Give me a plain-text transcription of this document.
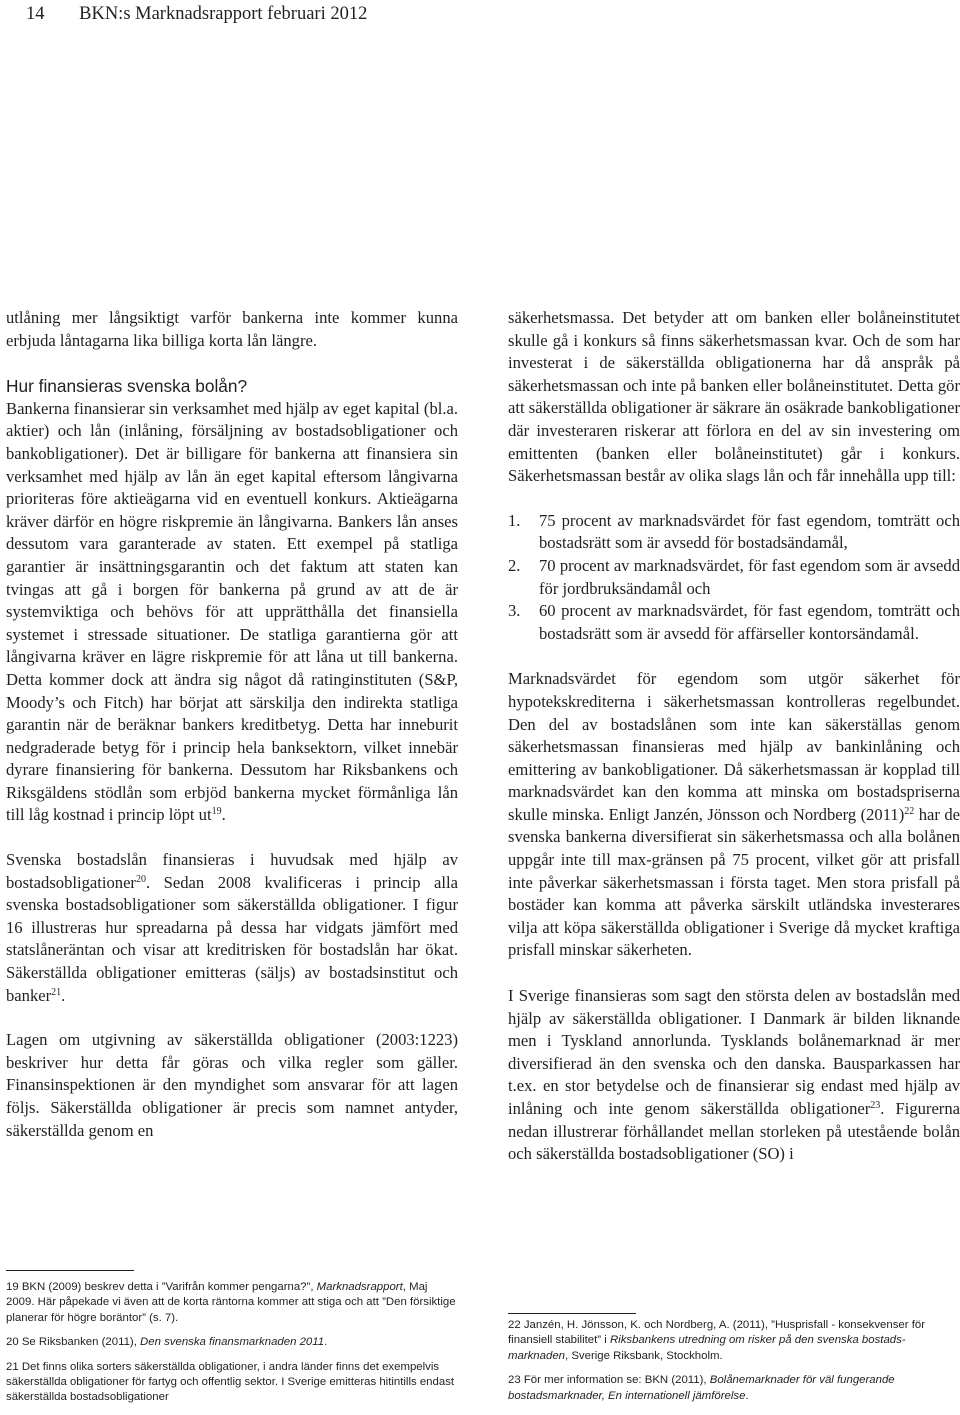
14 BKN:s Marknadsrapport februari 2012

utlåning mer långsiktigt varför bankerna inte kommer kunna erbjuda låntagarna lika billiga korta lån längre.

Hur finansieras svenska bolån?

Bankerna finansierar sin verksamhet med hjälp av eget kapital (bl.a. aktier) och lån (inlåning, försäljning av bostadsobligationer och bankobligationer). Det är billigare för bankerna att finansiera sin verksamhet med hjälp av lån än eget kapital eftersom långivarna prioriteras före aktieägarna vid en eventuell konkurs. Aktieägarna kräver därför en högre riskpremie än långivarna. Bankers lån anses dessutom vara garanterade av staten. Ett exempel på statliga garantier är insättningsgarantin och det faktum att staten kan tvingas att gå i borgen för bankerna på grund av att de är systemviktiga och behövs för att upprätthålla det finansiella systemet i stressade situationer. De statliga garantierna gör att långivarna kräver en lägre riskpremie för att låna ut till bankerna. Detta kommer dock att ändra sig något då ratinginstituten (S&P, Moody’s och Fitch) har börjat att särskilja den indirekta statliga garantin när de beräknar bankers kreditbetyg. Detta har inneburit nedgraderade betyg för i princip hela banksektorn, vilket innebär dyrare finansiering för bankerna. Dessutom har Riksbankens och Riksgäldens stödlån som erbjöd bankerna mycket förmånliga lån till låg kostnad i princip löpt $ut^{19}$.

Svenska bostadslån finansieras i huvudsak med hjälp av bostadsobligationer$^{20}$. Sedan 2008 kvalificeras i princip alla svenska bostadsobligationer som säkerställda obligationer. I figur 16 illustreras hur spreadarna på dessa har vidgats jämfört med statslåneräntan och visar att kreditrisken för bostadslån har ökat. Säkerställda obligationer emitteras (säljs) av bostadsinstitut och banker$^{21}$.

Lagen om utgivning av säkerställda obligationer (2003:1223) beskriver hur detta får göras och vilka regler som gäller. Finansinspektionen är den myndighet som ansvarar för att lagen följs. Säkerställda obligationer är precis som namnet antyder, säkerställda genom en

19 BKN (2009) beskrev detta i ”Varifrån kommer pengarna?”, Marknadsrapport, Maj 2009. Här påpekade vi även att de korta räntorna kommer att stiga och att ”Den försiktige planerar för högre boräntor” (s. 7).

20 Se Riksbanken (2011), Den svenska finansmarknaden 2011.

21 Det finns olika sorters säkerställda obligationer, i andra länder finns det exempelvis säkerställda obligationer för fartyg och offentlig sektor. I Sverige emitteras hitintills endast säkerställda bostadsobligationer

säkerhetsmassa. Det betyder att om banken eller bolåneinstitutet skulle gå i konkurs så finns säkerhetsmassan kvar. Och de som har investerat i de säkerställda obligationerna har då anspråk på säkerhetsmassan och inte på banken eller bolåneinstitutet. Detta gör att säkerställda obligationer är säkrare än osäkrade bankobligationer där investeraren riskerar att förlora en del av sin investering om emittenten (banken eller bolåneinstitutet) går i konkurs. Säkerhetsmassan består av olika slags lån och får innehålla upp till:

1.	75 procent av marknadsvärdet för fast egendom, tomträtt och bostadsrätt som är avsedd för bostadsändamål,
2.	70 procent av marknadsvärdet, för fast egendom som är avsedd för jordbruksändamål och
3.	60 procent av marknadsvärdet, för fast egendom, tomträtt och bostadsrätt som är avsedd för affärseller kontorsändamål.

Marknadsvärdet för egendom som utgör säkerhet för hypotekskrediterna i säkerhetsmassan kontrolleras regelbundet. Den del av bostadslånen som inte kan säkerställas genom säkerhetsmassan finansieras med hjälp av bankinlåning och emittering av bankobligationer. Då säkerhetsmassan är kopplad till marknadsvärdet kan den komma att minska om bostadspriserna skulle minska. Enligt Janzén, Jönsson och Nordberg $(2011)^{22}$ har de svenska bankerna diversifierat sin säkerhetsmassa och alla bolånen uppgår inte till max-gränsen på 75 procent, vilket gör att prisfall inte påverkar säkerhetsmassan i första taget. Men stora prisfall på bostäder kan komma att påverka särskilt utländska investerares vilja att köpa säkerställda obligationer i Sverige då mycket kraftiga prisfall minskar säkerheten.

I Sverige finansieras som sagt den största delen av bostadslån med hjälp av säkerställda obligationer. I Danmark är bilden liknande men i Tyskland annorlunda. Tysklands bolånemarknad är mer diversifierad än den svenska och den danska. Bausparkassen har t.ex. en stor betydelse och de finansierar sig endast med hjälp av inlåning och inte genom säkerställda obligationer$^{23}$. Figurerna nedan illustrerar förhållandet mellan storleken på utestående bolån och säkerställda bostadsobligationer (SO) i

22 Janzén, H. Jönsson, K. och Nordberg, A. (2011), ”Husprisfall - konsekvenser för finansiell stabilitet” i Riksbankens utredning om risker på den svenska bostadsmarknaden, Sverige Riksbank, Stockholm.

23 För mer information se: BKN (2011), Bolånemarknader för väl fungerande bostadsmarknader, En internationell jämförelse.
